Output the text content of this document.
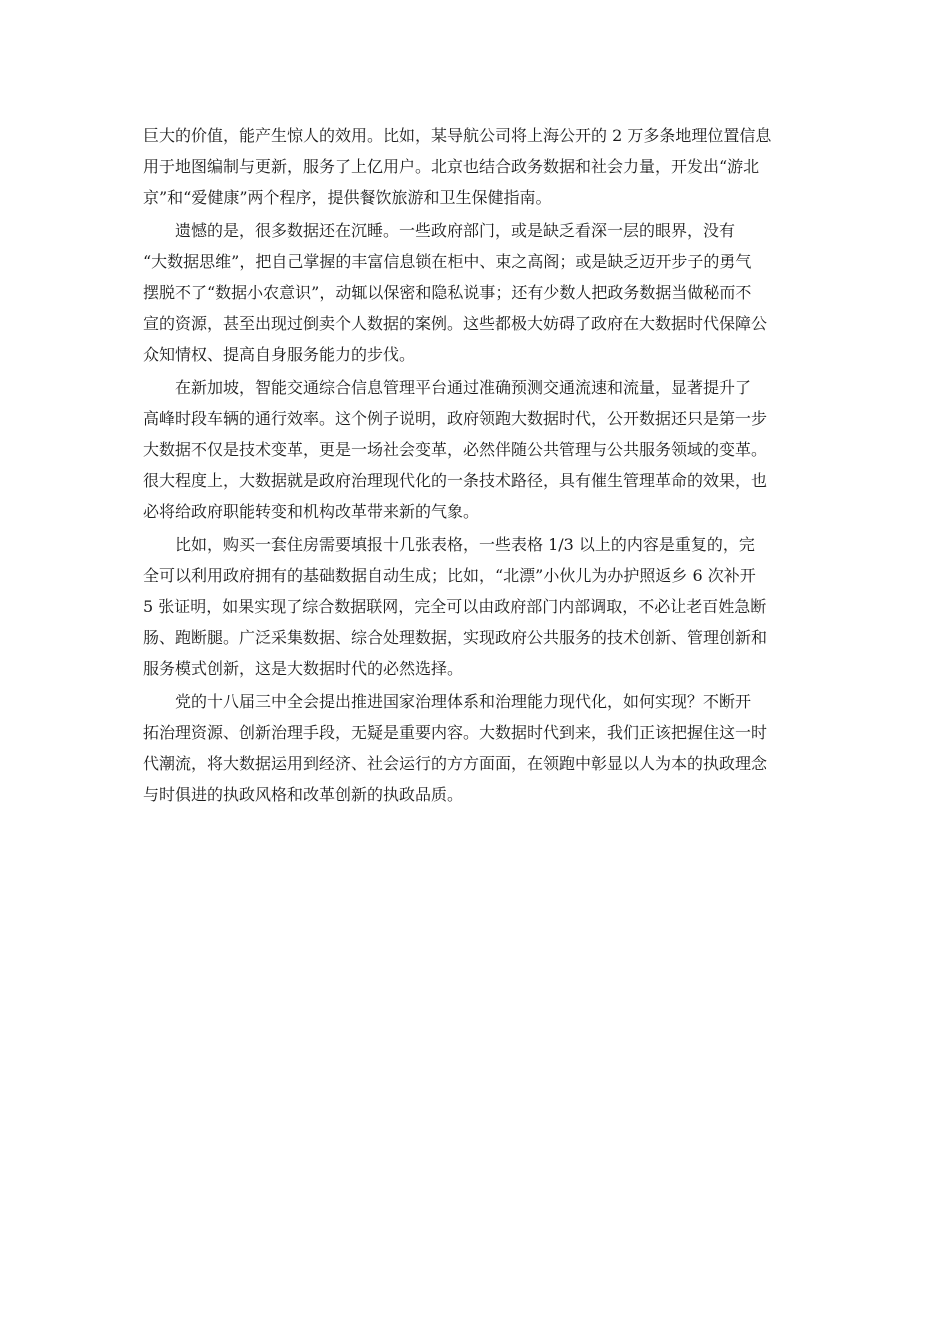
巨大的价值，能产生惊人的效用。比如，某导航公司将上海公开的 2 万多条地理位置信息
用于地图编制与更新，服务了上亿用户。北京也结合政务数据和社会力量，开发出“游北
京”和“爱健康”两个程序，提供餐饮旅游和卫生保健指南。

遗憾的是，很多数据还在沉睡。一些政府部门，或是缺乏看深一层的眼界，没有
“大数据思维”，把自己掌握的丰富信息锁在柜中、束之高阁；或是缺乏迈开步子的勇气
摆脱不了“数据小农意识”，动辄以保密和隐私说事；还有少数人把政务数据当做秘而不
宣的资源，甚至出现过倒卖个人数据的案例。这些都极大妨碍了政府在大数据时代保障公
众知情权、提高自身服务能力的步伐。

在新加坡，智能交通综合信息管理平台通过准确预测交通流速和流量，显著提升了
高峰时段车辆的通行效率。这个例子说明，政府领跑大数据时代，公开数据还只是第一步
大数据不仅是技术变革，更是一场社会变革，必然伴随公共管理与公共服务领域的变革。
很大程度上，大数据就是政府治理现代化的一条技术路径，具有催生管理革命的效果，也
必将给政府职能转变和机构改革带来新的气象。

比如，购买一套住房需要填报十几张表格，一些表格 1/3 以上的内容是重复的，完
全可以利用政府拥有的基础数据自动生成；比如，“北漂”小伙儿为办护照返乡 6 次补开
5 张证明，如果实现了综合数据联网，完全可以由政府部门内部调取，不必让老百姓急断
肠、跑断腿。广泛采集数据、综合处理数据，实现政府公共服务的技术创新、管理创新和
服务模式创新，这是大数据时代的必然选择。

党的十八届三中全会提出推进国家治理体系和治理能力现代化，如何实现？不断开
拓治理资源、创新治理手段，无疑是重要内容。大数据时代到来，我们正该把握住这一时
代潮流，将大数据运用到经济、社会运行的方方面面，在领跑中彰显以人为本的执政理念
与时俱进的执政风格和改革创新的执政品质。
